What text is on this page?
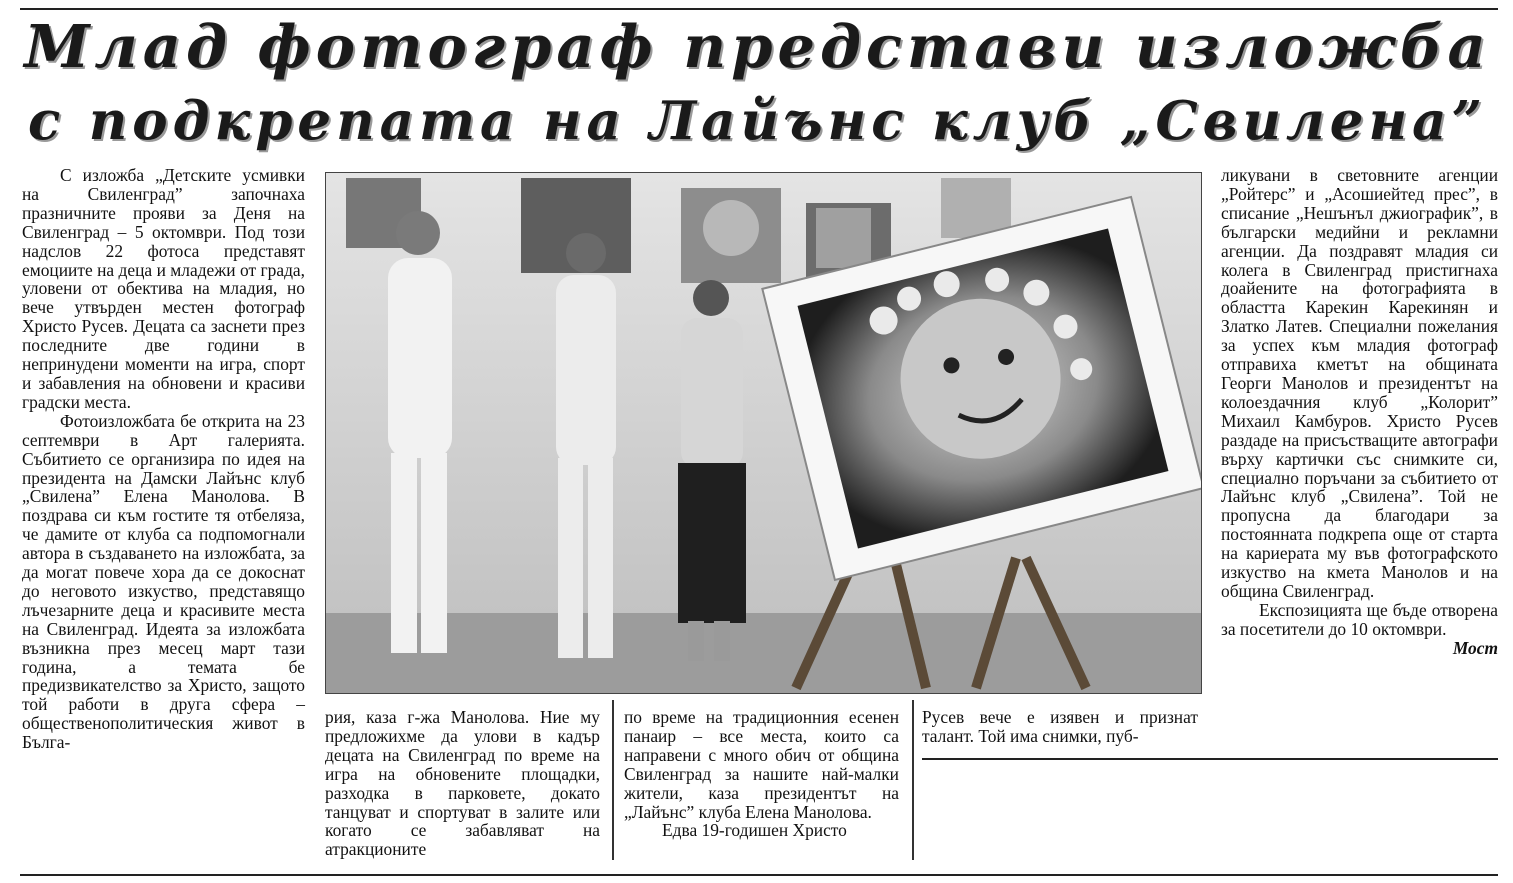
Млад фотограф представи изложба
с подкрепата на Лайънс клуб „Свилена”

С изложба „Детските усмивки на Свиленград” започнаха празничните прояви за Деня на Свиленград – 5 октомври. Под този надслов 22 фотоса представят емоциите на деца и младежи от града, уловени от обектива на младия, но вече утвърден местен фотограф Христо Русев. Децата са заснети през последните две години в непринудени моменти на игра, спорт и забавления на обновени и красиви градски места.

Фотоизложбата бе открита на 23 септември в Арт галерията. Събитието се организира по идея на президента на Дамски Лайънс клуб „Свилена” Елена Манолова. В поздрава си към гостите тя отбеляза, че дамите от клуба са подпомогнали автора в създаването на изложбата, за да могат повече хора да се докоснат до неговото изкуство, представящо лъчезарните деца и красивите места на Свиленград. Идеята за изложбата възникна през месец март тази година, а темата бе предизвикателство за Христо, защото той работи в друга сфера – общественополитическия живот в Бълга-

рия, каза г-жа Манолова. Ние му предложихме да улови в кадър децата на Свиленград по време на игра на обновените площадки, разходка в парковете, докато танцуват и спортуват в залите или когато се забавляват на атракционите

по време на традиционния есенен панаир – все места, които са направени с много обич от община Свиленград за нашите най-малки жители, каза президентът на „Лайънс” клуба Елена Манолова.

Едва 19-годишен Христо

Русев вече е изявен и признат талант. Той има снимки, пуб-

ликувани в световните агенции „Ройтерс” и „Асошиейтед прес”, в списание „Нешънъл джиографик”, в български медийни и рекламни агенции. Да поздравят младия си колега в Свиленград пристигнаха доайените на фотографията в областта Карекин Карекинян и Златко Латев. Специални пожелания за успех към младия фотограф отправиха кметът на общината Георги Манолов и президентът на колоездачния клуб „Колорит” Михаил Камбуров. Христо Русев раздаде на присъстващите автографи върху картички със снимките си, специално поръчани за събитието от Лайънс клуб „Свилена”. Той не пропусна да благодари за постоянната подкрепа още от старта на кариерата му във фотографското изкуство на кмета Манолов и на община Свиленград.

Експозицията ще бъде отворена за посетители до 10 октомври.
Мост
